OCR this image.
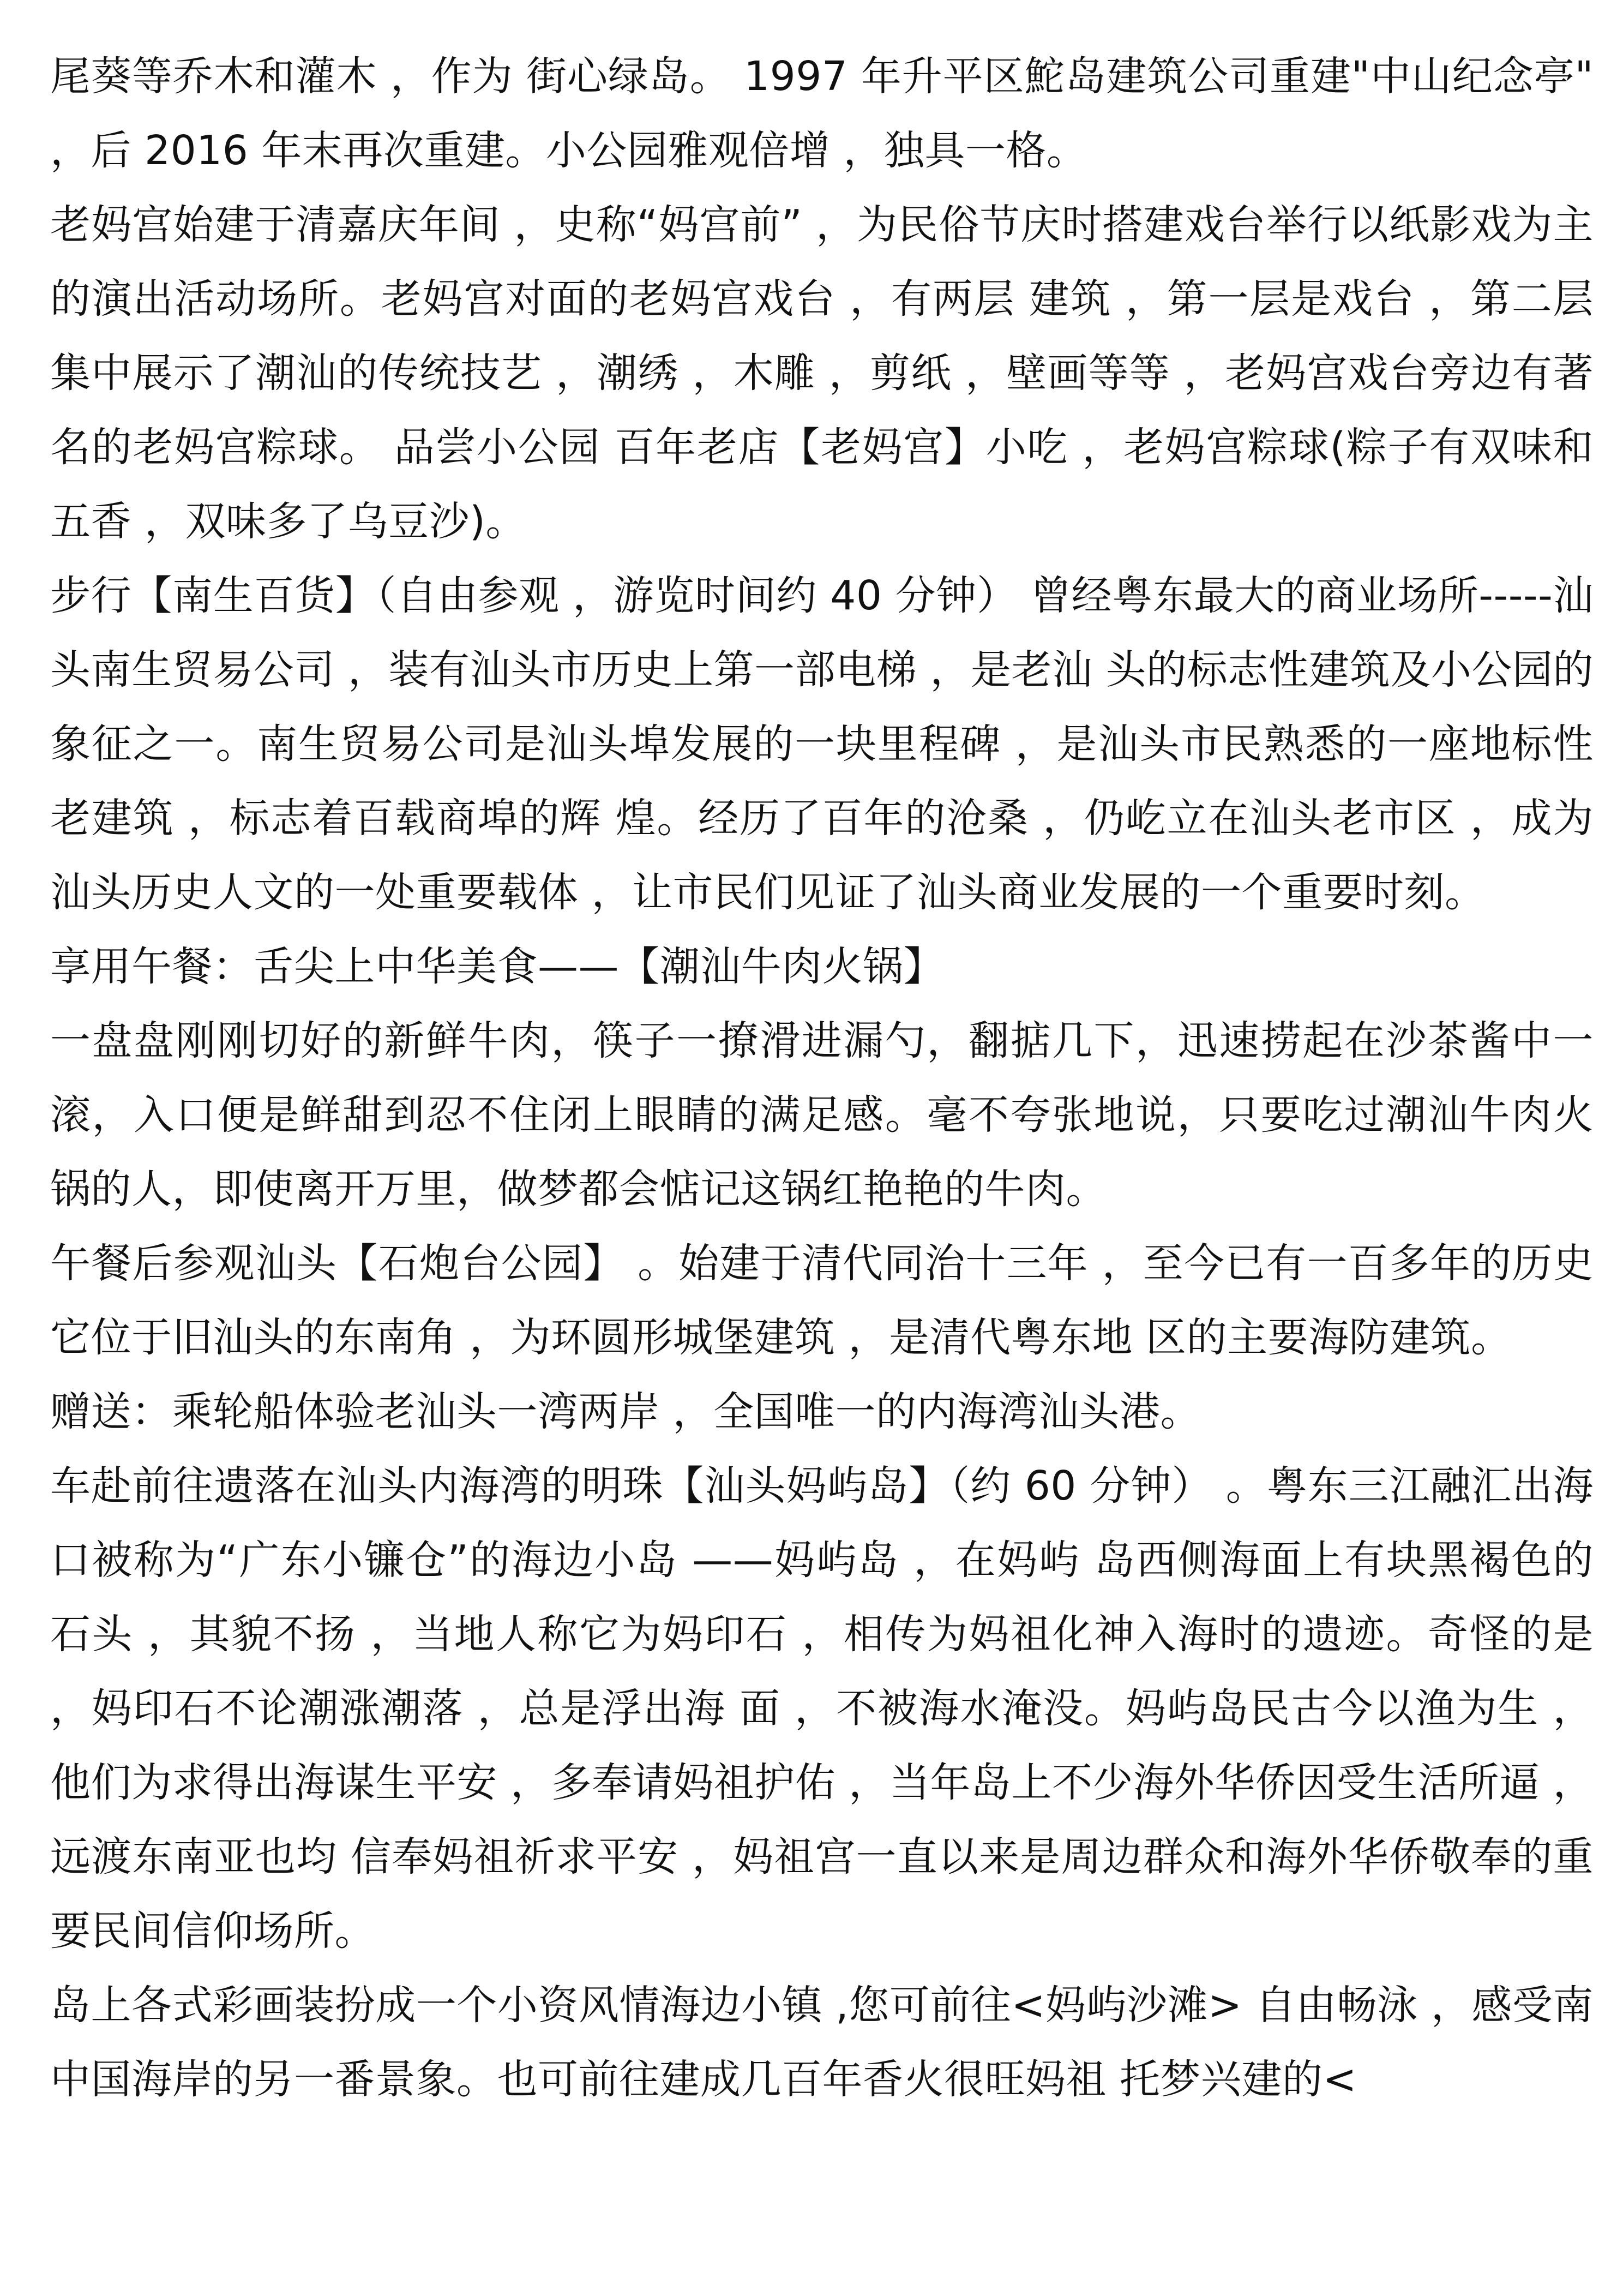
尾葵等乔木和灌木 ，作为 街心绿岛。 1997 年升平区鮀岛建筑公司重建"中山纪念亭" ，后 2016 年末再次重建。小公园雅观倍增 ，独具一格。

老妈宫始建于清嘉庆年间 ，史称“妈宫前” ，为民俗节庆时搭建戏台举行以纸影戏为主的演出活动场所。老妈宫对面的老妈宫戏台 ，有两层 建筑 ，第一层是戏台 ，第二层集中展示了潮汕的传统技艺 ，潮绣 ，木雕 ，剪纸 ，壁画等等 ，老妈宫戏台旁边有著名的老妈宫粽球。 品尝小公园 百年老店【老妈宫】小吃 ，老妈宫粽球(粽子有双味和五香 ，双味多了乌豆沙)。

步行【南生百货】（自由参观 ，游览时间约 40 分钟） 曾经粤东最大的商业场所-----汕头南生贸易公司 ，装有汕头市历史上第一部电梯 ，是老汕 头的标志性建筑及小公园的象征之一。南生贸易公司是汕头埠发展的一块里程碑 ，是汕头市民熟悉的一座地标性老建筑 ，标志着百载商埠的辉 煌。经历了百年的沧桑 ，仍屹立在汕头老市区 ，成为汕头历史人文的一处重要载体 ，让市民们见证了汕头商业发展的一个重要时刻。

享用午餐：舌尖上中华美食——【潮汕牛肉火锅】

一盘盘刚刚切好的新鲜牛肉，筷子一撩滑进漏勺，翻掂几下，迅速捞起在沙茶酱中一滚，入口便是鲜甜到忍不住闭上眼睛的满足感。毫不夸张地说，只要吃过潮汕牛肉火锅的人，即使离开万里，做梦都会惦记这锅红艳艳的牛肉。

午餐后参观汕头【石炮台公园】 。始建于清代同治十三年 ，至今已有一百多年的历史它位于旧汕头的东南角 ，为环圆形城堡建筑 ，是清代粤东地 区的主要海防建筑。

赠送：乘轮船体验老汕头一湾两岸 ，全国唯一的内海湾汕头港。

车赴前往遗落在汕头内海湾的明珠【汕头妈屿岛】（约 60 分钟） 。粤东三江融汇出海口被称为“广东小镰仓”的海边小岛 ——妈屿岛 ，在妈屿 岛西侧海面上有块黑褐色的石头 ，其貌不扬 ，当地人称它为妈印石 ，相传为妈祖化神入海时的遗迹。奇怪的是 ，妈印石不论潮涨潮落 ，总是浮出海 面 ，不被海水淹没。妈屿岛民古今以渔为生 ，他们为求得出海谋生平安 ，多奉请妈祖护佑 ，当年岛上不少海外华侨因受生活所逼 ，远渡东南亚也均 信奉妈祖祈求平安 ，妈祖宫一直以来是周边群众和海外华侨敬奉的重要民间信仰场所。

岛上各式彩画装扮成一个小资风情海边小镇 ,您可前往<妈屿沙滩> 自由畅泳 ，感受南中国海岸的另一番景象。也可前往建成几百年香火很旺妈祖 托梦兴建的<
